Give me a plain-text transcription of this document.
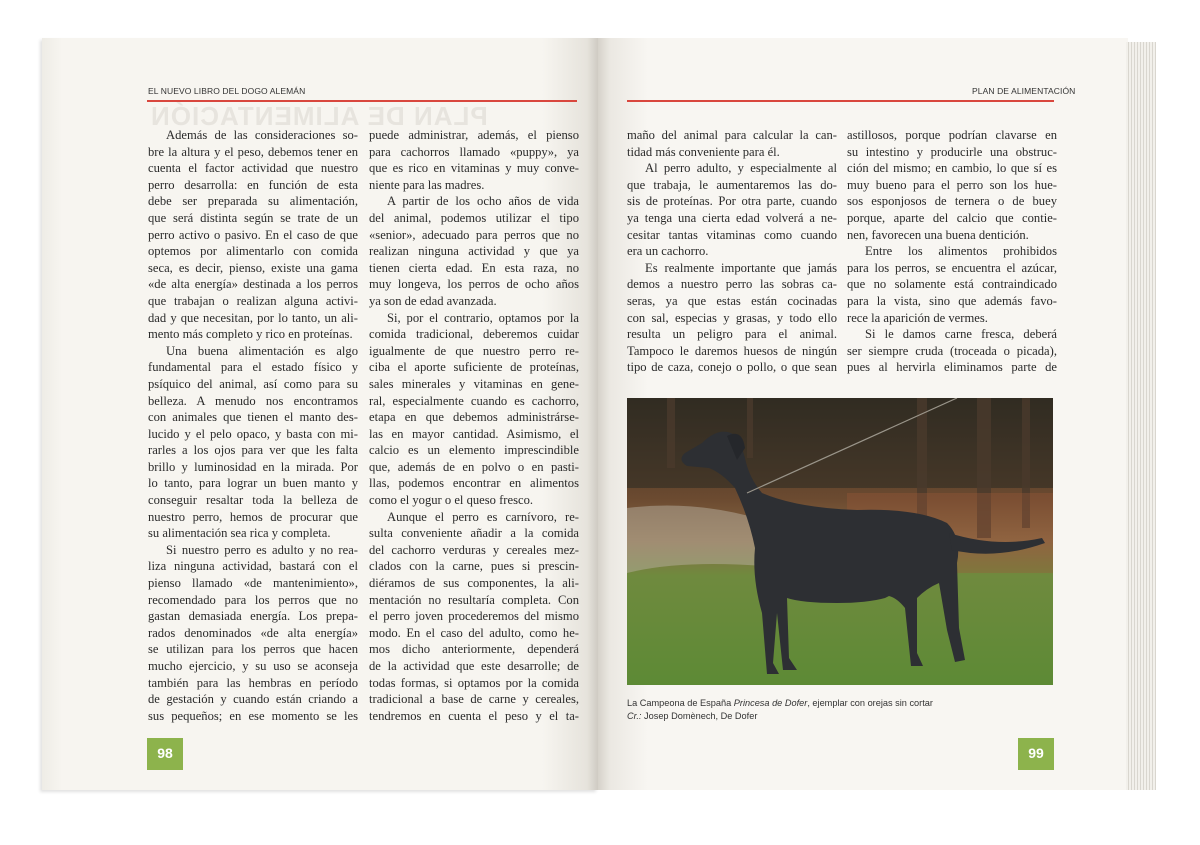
EL NUEVO LIBRO DEL DOGO ALEMÁN
PLAN DE ALIMENTACIÓN
PLAN DE ALIMENTACIÓN
Además de las consideraciones so-
bre la altura y el peso, debemos tener en
cuenta el factor actividad que nuestro
perro desarrolla: en función de esta
debe ser preparada su alimentación,
que será distinta según se trate de un
perro activo o pasivo. En el caso de que
optemos por alimentarlo con comida
seca, es decir, pienso, existe una gama
«de alta energía» destinada a los perros
que trabajan o realizan alguna activi-
dad y que necesitan, por lo tanto, un ali-
mento más completo y rico en proteínas.
Una buena alimentación es algo
fundamental para el estado físico y
psíquico del animal, así como para su
belleza. A menudo nos encontramos
con animales que tienen el manto des-
lucido y el pelo opaco, y basta con mi-
rarles a los ojos para ver que les falta
brillo y luminosidad en la mirada. Por
lo tanto, para lograr un buen manto y
conseguir resaltar toda la belleza de
nuestro perro, hemos de procurar que
su alimentación sea rica y completa.
Si nuestro perro es adulto y no rea-
liza ninguna actividad, bastará con el
pienso llamado «de mantenimiento»,
recomendado para los perros que no
gastan demasiada energía. Los prepa-
rados denominados «de alta energía»
se utilizan para los perros que hacen
mucho ejercicio, y su uso se aconseja
también para las hembras en período
de gestación y cuando están criando a
sus pequeños; en ese momento se les
puede administrar, además, el pienso
para cachorros llamado «puppy», ya
que es rico en vitaminas y muy conve-
niente para las madres.
A partir de los ocho años de vida
del animal, podemos utilizar el tipo
«senior», adecuado para perros que no
realizan ninguna actividad y que ya
tienen cierta edad. En esta raza, no
muy longeva, los perros de ocho años
ya son de edad avanzada.
Si, por el contrario, optamos por la
comida tradicional, deberemos cuidar
igualmente de que nuestro perro re-
ciba el aporte suficiente de proteínas,
sales minerales y vitaminas en gene-
ral, especialmente cuando es cachorro,
etapa en que debemos administrárse-
las en mayor cantidad. Asimismo, el
calcio es un elemento imprescindible
que, además de en polvo o en pasti-
llas, podemos encontrar en alimentos
como el yogur o el queso fresco.
Aunque el perro es carnívoro, re-
sulta conveniente añadir a la comida
del cachorro verduras y cereales mez-
clados con la carne, pues si prescin-
diéramos de sus componentes, la ali-
mentación no resultaría completa. Con
el perro joven procederemos del mismo
modo. En el caso del adulto, como he-
mos dicho anteriormente, dependerá
de la actividad que este desarrolle; de
todas formas, si optamos por la comida
tradicional a base de carne y cereales,
tendremos en cuenta el peso y el ta-
maño del animal para calcular la can-
tidad más conveniente para él.
Al perro adulto, y especialmente al
que trabaja, le aumentaremos las do-
sis de proteínas. Por otra parte, cuando
ya tenga una cierta edad volverá a ne-
cesitar tantas vitaminas como cuando
era un cachorro.
Es realmente importante que jamás
demos a nuestro perro las sobras ca-
seras, ya que estas están cocinadas
con sal, especias y grasas, y todo ello
resulta un peligro para el animal.
Tampoco le daremos huesos de ningún
tipo de caza, conejo o pollo, o que sean
astillosos, porque podrían clavarse en
su intestino y producirle una obstruc-
ción del mismo; en cambio, lo que sí es
muy bueno para el perro son los hue-
sos esponjosos de ternera o de buey
porque, aparte del calcio que contie-
nen, favorecen una buena dentición.
Entre los alimentos prohibidos
para los perros, se encuentra el azúcar,
que no solamente está contraindicado
para la vista, sino que además favo-
rece la aparición de vermes.
Si le damos carne fresca, deberá
ser siempre cruda (troceada o picada),
pues al hervirla eliminamos parte de
La Campeona de España Princesa de Dofer, ejemplar con orejas sin cortar
Cr.: Josep Domènech, De Dofer
98	99
